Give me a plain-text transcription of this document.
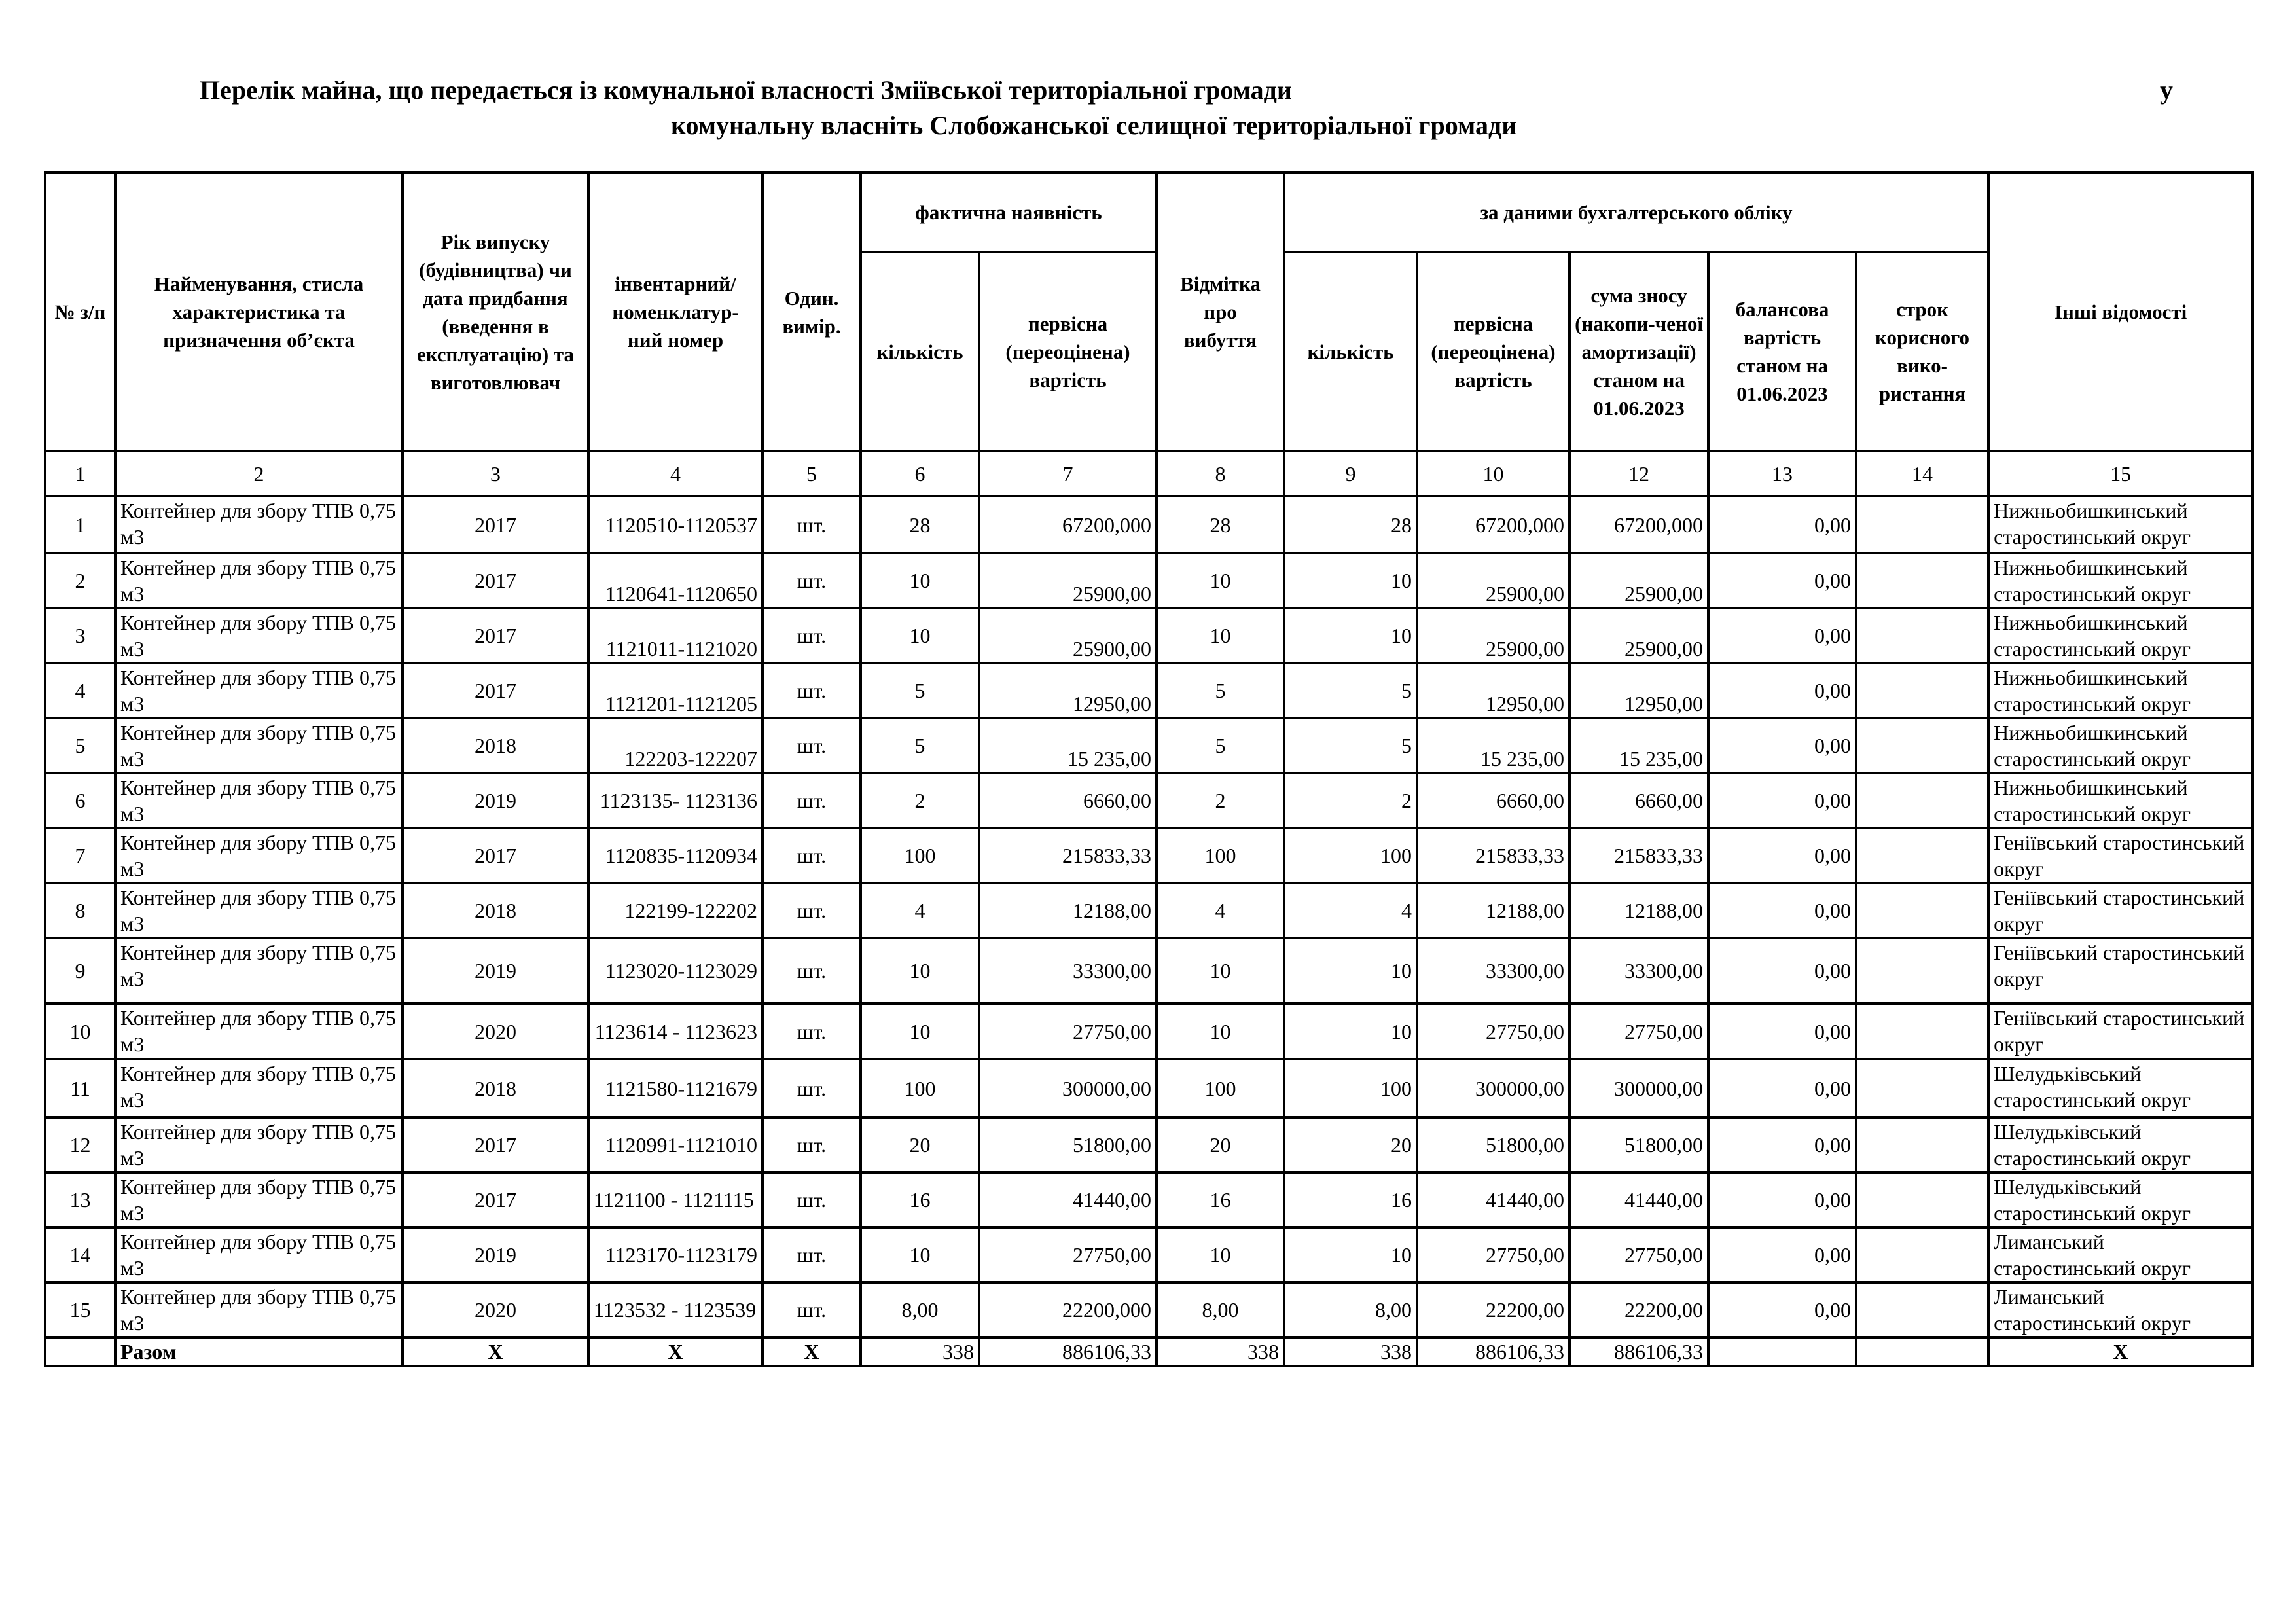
Перелік майна, що передається із комунальної власності Зміївської територіальної громади	у
комунальну власніть Слобожанської селищної територіальної громади
№ з/п	Найменування, стисла характеристика та призначення об’єкта	Рік випуску (будівництва) чи дата придбання (введення в експлуатацію) та виготовлювач	інвентарний/ номенклатур-ний номер	Один. вимір.	фактична наявність		Відмітка про вибуття	за даними бухгалтерського обліку					Інші відомості
					кількість	первісна (переоцінена) вартість		кількість	первісна (переоцінена) вартість	сума зносу (накопи-ченої амортизації) станом на 01.06.2023	балансова вартість станом на 01.06.2023	строк корисного вико-ристання	
1	2	3	4	5	6	7	8	9	10	12	13	14	15
1	Контейнер для збору ТПВ 0,75 м3	2017	1120510-1120537	шт.	28	67200,000	28	28	67200,000	67200,000	0,00		Нижньобишкинський старостинський округ
2	Контейнер для збору ТПВ 0,75 м3	2017	1120641-1120650	шт.	10	25900,00	10	10	25900,00	25900,00	0,00		Нижньобишкинський старостинський округ
3	Контейнер для збору ТПВ 0,75 м3	2017	1121011-1121020	шт.	10	25900,00	10	10	25900,00	25900,00	0,00		Нижньобишкинський старостинський округ
4	Контейнер для збору ТПВ 0,75 м3	2017	1121201-1121205	шт.	5	12950,00	5	5	12950,00	12950,00	0,00		Нижньобишкинський старостинський округ
5	Контейнер для збору ТПВ 0,75 м3	2018	122203-122207	шт.	5	15 235,00	5	5	15 235,00	15 235,00	0,00		Нижньобишкинський старостинський округ
6	Контейнер для збору ТПВ 0,75 м3	2019	1123135- 1123136	шт.	2	6660,00	2	2	6660,00	6660,00	0,00		Нижньобишкинський старостинський округ
7	Контейнер для збору ТПВ 0,75 м3	2017	1120835-1120934	шт.	100	215833,33	100	100	215833,33	215833,33	0,00		Геніївський старостинський округ
8	Контейнер для збору ТПВ 0,75 м3	2018	122199-122202	шт.	4	12188,00	4	4	12188,00	12188,00	0,00		Геніївський старостинський округ
9	Контейнер для збору ТПВ 0,75 м3	2019	1123020-1123029	шт.	10	33300,00	10	10	33300,00	33300,00	0,00		Геніївський старостинський округ
10	Контейнер для збору ТПВ 0,75 м3	2020	1123614 - 1123623	шт.	10	27750,00	10	10	27750,00	27750,00	0,00		Геніївський старостинський округ
11	Контейнер для збору ТПВ 0,75 м3	2018	1121580-1121679	шт.	100	300000,00	100	100	300000,00	300000,00	0,00		Шелудьківський старостинський округ
12	Контейнер для збору ТПВ 0,75 м3	2017	1120991-1121010	шт.	20	51800,00	20	20	51800,00	51800,00	0,00		Шелудьківський старостинський округ
13	Контейнер для збору ТПВ 0,75 м3	2017	1121100 - 1121115	шт.	16	41440,00	16	16	41440,00	41440,00	0,00		Шелудьківський старостинський округ
14	Контейнер для збору ТПВ 0,75 м3	2019	1123170-1123179	шт.	10	27750,00	10	10	27750,00	27750,00	0,00		Лиманський старостинський округ
15	Контейнер для збору ТПВ 0,75 м3	2020	1123532 - 1123539	шт.	8,00	22200,000	8,00	8,00	22200,00	22200,00	0,00		Лиманський старостинський округ
	Разом	Х	Х	Х	338	886106,33	338	338	886106,33	886106,33			Х
